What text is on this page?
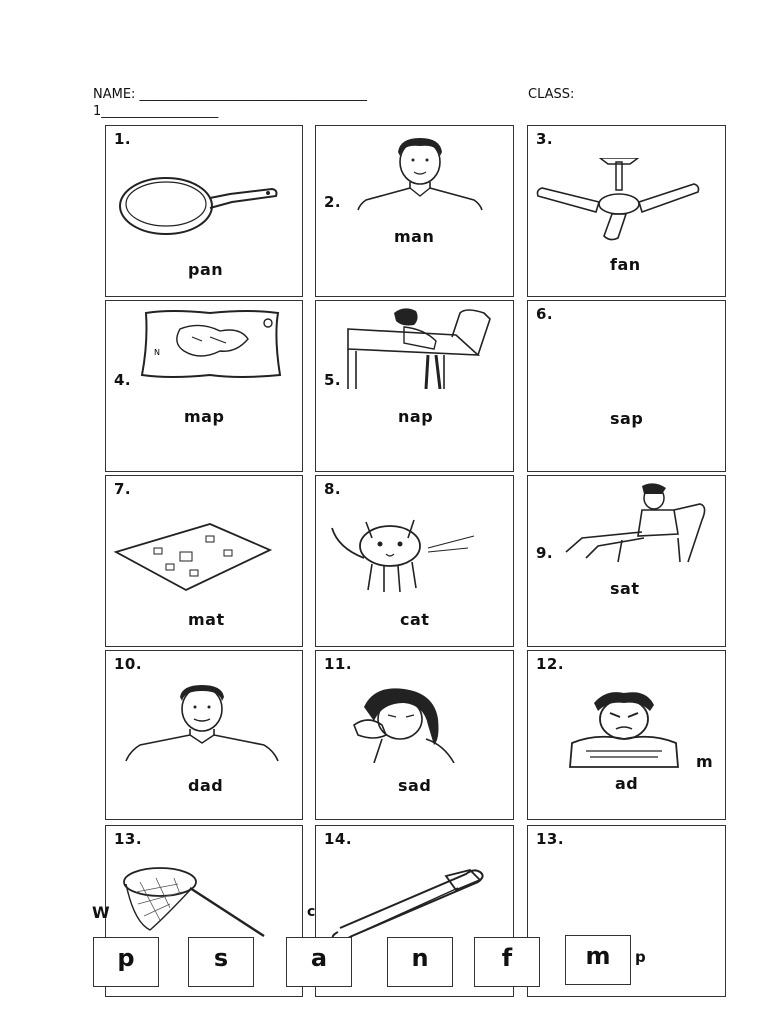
NAME: ___________________________________	CLASS:
1__________________
1.
pan
2.
man
3.
fan
4.
N
map
5.
nap
6.
sap
7.
mat
8.
cat
9.
sat
10.
dad
11.
sad
12.
ad
m
13.	14.	13.
W	c
p
p	s	a	n	f	m
